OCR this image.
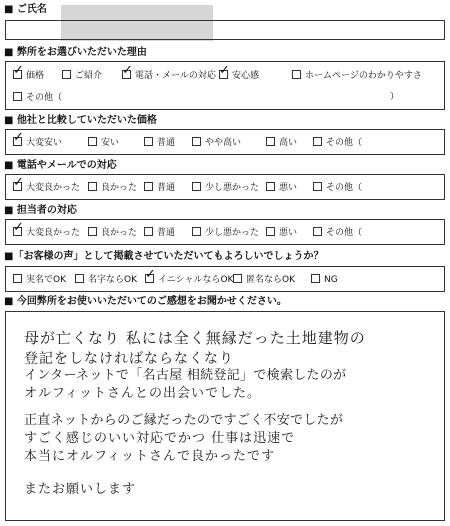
■ ご氏名
■ 弊所をお選びいただいた理由
✓価格	ご紹介 ✓	電話・メールの対応 ✓	安心感	ホームページのわかりやすさ
その他（	）
■ 他社と比較していただいた価格
✓大変安い	安い	普通	やや高い	高い	その他（
■ 電話やメールでの対応
✓大変良かった	良かった	普通	少し悪かった	悪い	その他（
■ 担当者の対応
✓大変良かった	良かった	普通	少し悪かった	悪い	その他（
■「お客様の声」として掲載させていただいてもよろしいでしょうか？
実名でOK	名字ならOK ✓	イニシャルならOK	匿名ならOK	NG
■ 今回弊所をお使いいただいてのご感想をお聞かせください。
母が亡くなり 私には全く無縁だった土地建物の
登記をしなければならなくなり
インターネットで「名古屋 相続登記」で検索したのが
オルフィットさんとの出会いでした。
正直ネットからのご縁だったのですごく不安でしたが
すごく感じのいい対応でかつ 仕事は迅速で
本当にオルフィットさんで良かったです
またお願いします
